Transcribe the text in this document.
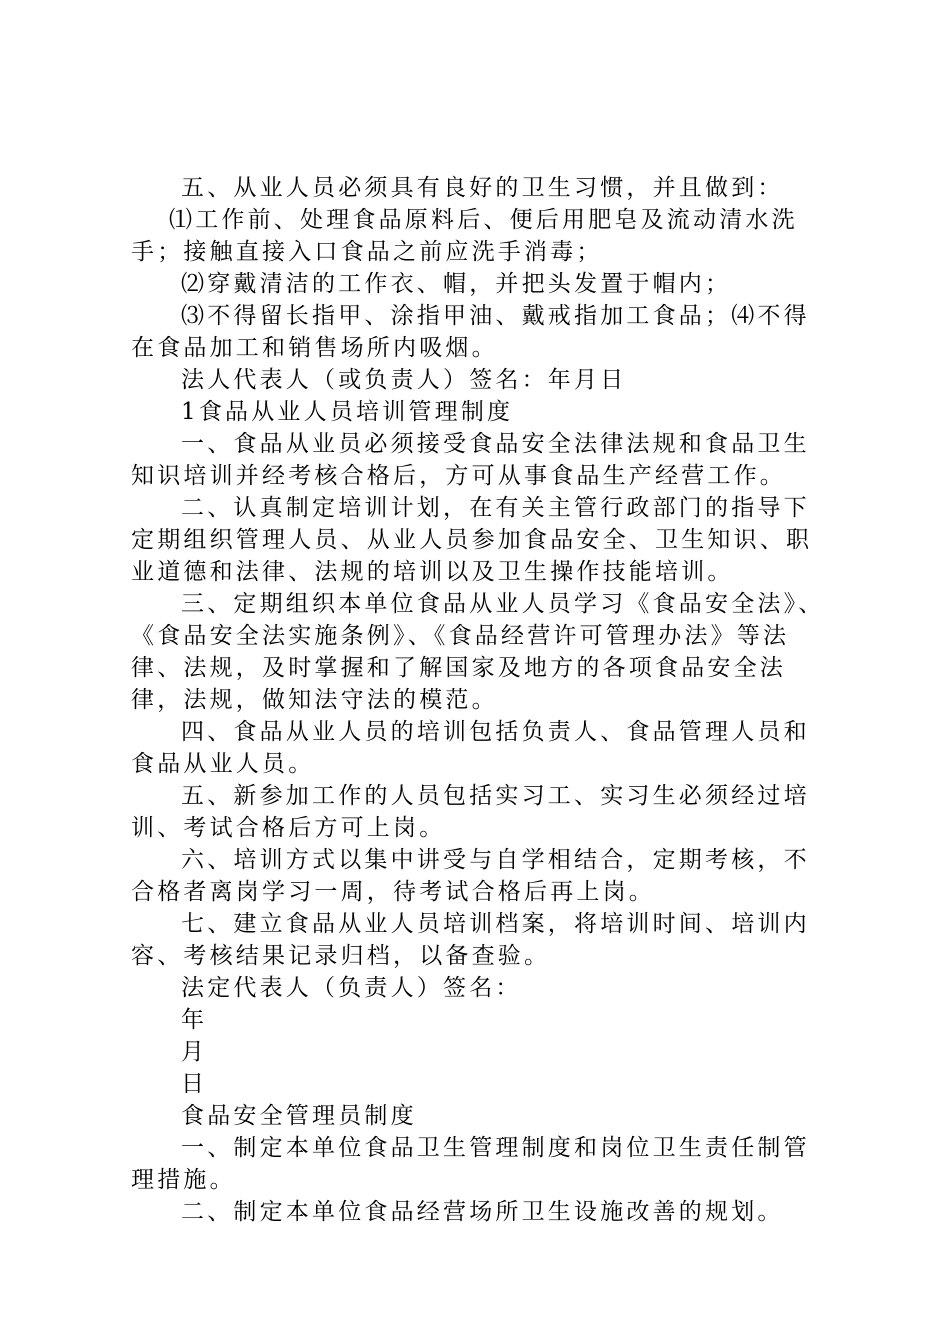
五、从业人员必须具有良好的卫生习惯，并且做到：

⑴工作前、处理食品原料后、便后用肥皂及流动清水洗手；接触直接入口食品之前应洗手消毒；

⑵穿戴清洁的工作衣、帽，并把头发置于帽内；

⑶不得留长指甲、涂指甲油、戴戒指加工食品；⑷不得在食品加工和销售场所内吸烟。

法人代表人（或负责人）签名：年月日

1食品从业人员培训管理制度

一、食品从业员必须接受食品安全法律法规和食品卫生知识培训并经考核合格后，方可从事食品生产经营工作。

二、认真制定培训计划，在有关主管行政部门的指导下定期组织管理人员、从业人员参加食品安全、卫生知识、职业道德和法律、法规的培训以及卫生操作技能培训。

三、定期组织本单位食品从业人员学习《食品安全法》、《食品安全法实施条例》、《食品经营许可管理办法》等法律、法规，及时掌握和了解国家及地方的各项食品安全法律，法规，做知法守法的模范。

四、食品从业人员的培训包括负责人、食品管理人员和食品从业人员。

五、新参加工作的人员包括实习工、实习生必须经过培训、考试合格后方可上岗。

六、培训方式以集中讲受与自学相结合，定期考核，不合格者离岗学习一周，待考试合格后再上岗。

七、建立食品从业人员培训档案，将培训时间、培训内容、考核结果记录归档，以备查验。

法定代表人（负责人）签名：

年

月

日

食品安全管理员制度

一、制定本单位食品卫生管理制度和岗位卫生责任制管理措施。

二、制定本单位食品经营场所卫生设施改善的规划。
